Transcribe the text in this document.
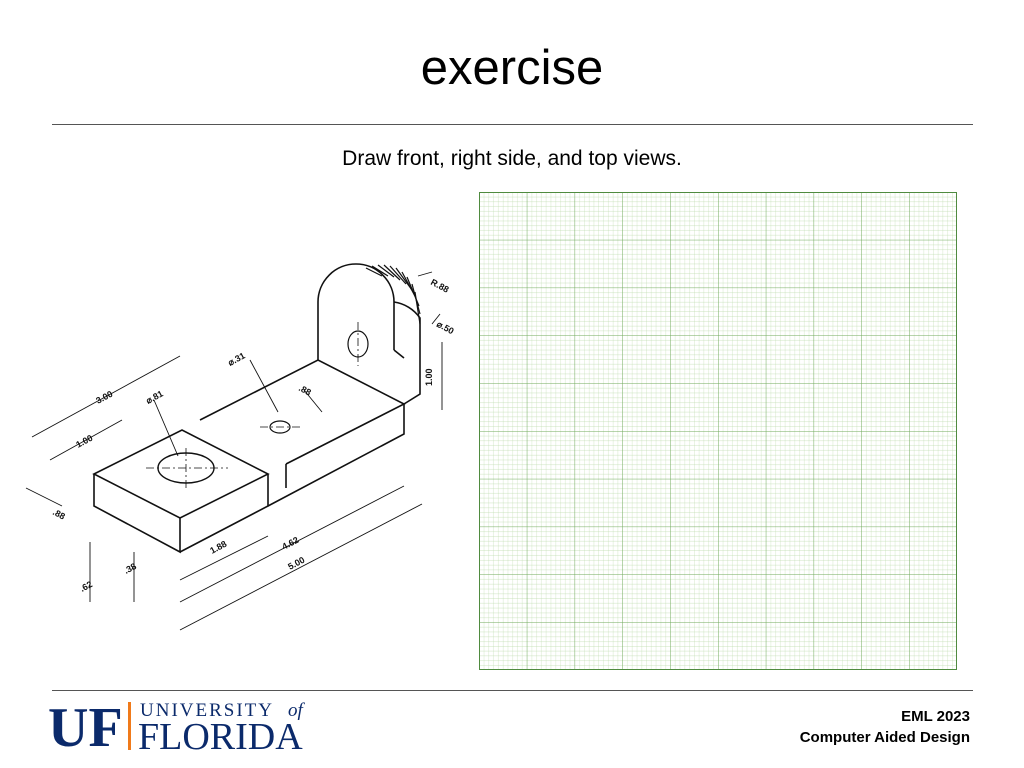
exercise
Draw front, right side, and top views.
3.00
1.00
.88
.62
.38
1.88	4.62
5.00
⌀.81
⌀.31
.88
R.88
⌀.50
1.00
UF UNIVERSITY of
FLORIDA	EML 2023
Computer Aided Design
